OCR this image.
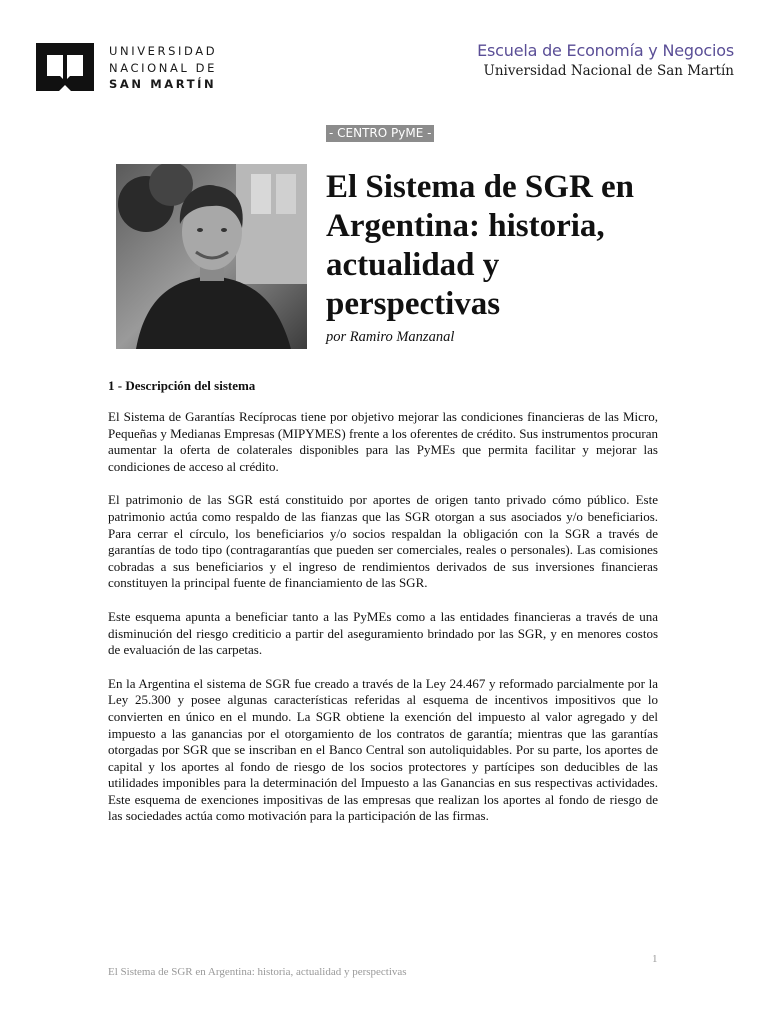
UNIVERSIDAD
NACIONAL DE
SAN MARTÍN
Escuela de Economía y Negocios
Universidad Nacional de San Martín
- CENTRO PyME -
El Sistema de SGR en Argentina: historia, actualidad y perspectivas
por Ramiro Manzanal
1 - Descripción del sistema

El Sistema de Garantías Recíprocas tiene por objetivo mejorar las condiciones financieras de las Micro, Pequeñas y Medianas Empresas (MIPYMES) frente a los oferentes de crédito. Sus instrumentos procuran aumentar la oferta de colaterales disponibles para las PyMEs que permita facilitar y mejorar las condiciones de acceso al crédito.

El patrimonio de las SGR está constituido por aportes de origen tanto privado cómo público. Este patrimonio actúa como respaldo de las fianzas que las SGR otorgan a sus asociados y/o beneficiarios. Para cerrar el círculo, los beneficiarios y/o socios respaldan la obligación con la SGR a través de garantías de todo tipo (contragarantías que pueden ser comerciales, reales o personales). Las comisiones cobradas a sus beneficiarios y el ingreso de rendimientos derivados de sus inversiones financieras constituyen la principal fuente de financiamiento de las SGR.

Este esquema apunta a beneficiar tanto a las PyMEs como a las entidades financieras a través de una disminución del riesgo crediticio a partir del aseguramiento brindado por las SGR, y en menores costos de evaluación de las carpetas.

En la Argentina el sistema de SGR fue creado a través de la Ley 24.467 y reformado parcialmente por la Ley 25.300 y posee algunas características referidas al esquema de incentivos impositivos que lo convierten en único en el mundo. La SGR obtiene la exención del impuesto al valor agregado y del impuesto a las ganancias por el otorgamiento de los contratos de garantía; mientras que las garantías otorgadas por SGR que se inscriban en el Banco Central son autoliquidables. Por su parte, los aportes de capital y los aportes al fondo de riesgo de los socios protectores y partícipes son deducibles de las utilidades imponibles para la determinación del Impuesto a las Ganancias en sus respectivas actividades. Este esquema de exenciones impositivas de las empresas que realizan los aportes al fondo de riesgo de las sociedades actúa como motivación para la participación de las firmas.

1
El Sistema de SGR en Argentina: historia, actualidad y perspectivas
